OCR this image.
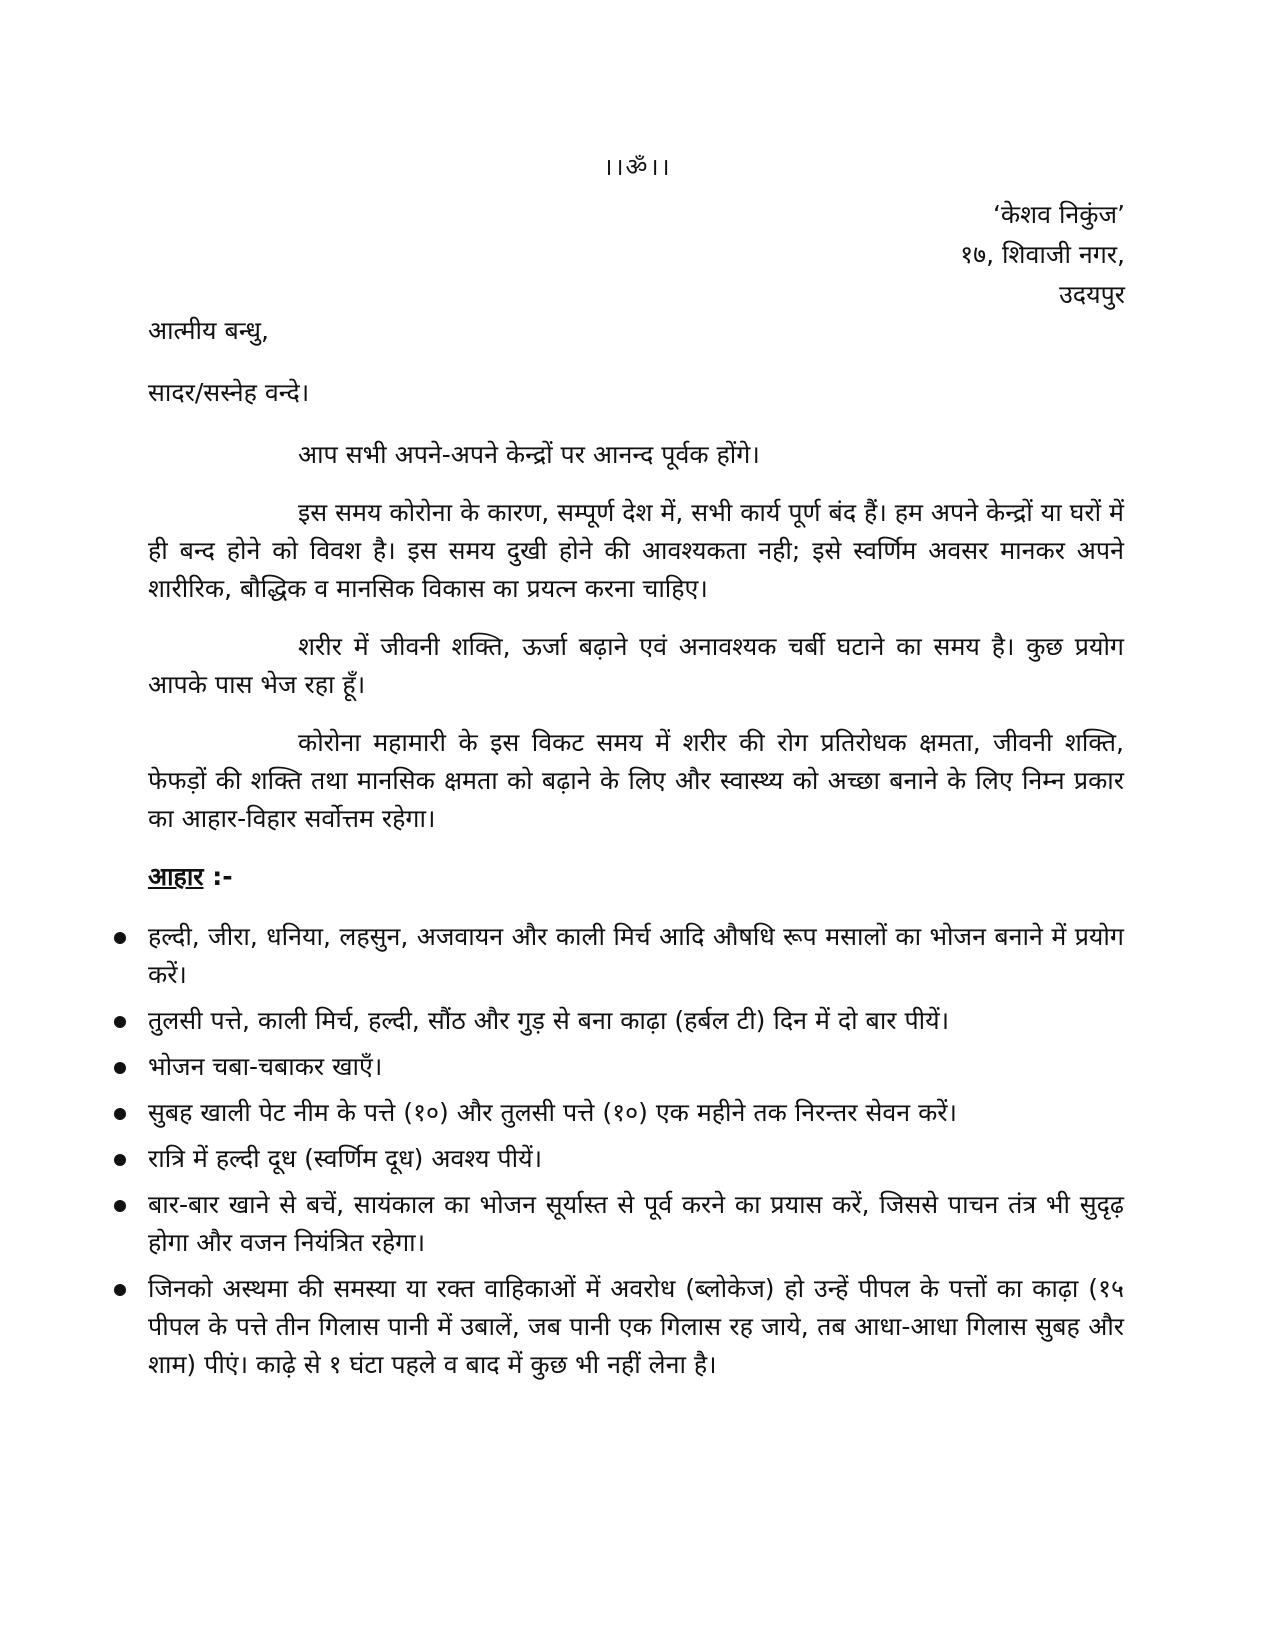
।।ॐ।।
‘केशव निकुंज’
१७, शिवाजी नगर,
उदयपुर

आत्मीय बन्धु,

सादर/सस्नेह वन्दे।

आप सभी अपने-अपने केन्द्रों पर आनन्द पूर्वक होंगे।

इस समय कोरोना के कारण, सम्पूर्ण देश में, सभी कार्य पूर्ण बंद हैं। हम अपने केन्द्रों या घरों में ही बन्द होने को विवश है। इस समय दुखी होने की आवश्यकता नही; इसे स्वर्णिम अवसर मानकर अपने शारीरिक, बौद्धिक व मानसिक विकास का प्रयत्न करना चाहिए।

शरीर में जीवनी शक्ति, ऊर्जा बढ़ाने एवं अनावश्यक चर्बी घटाने का समय है। कुछ प्रयोग आपके पास भेज रहा हूँ।

कोरोना महामारी के इस विकट समय में शरीर की रोग प्रतिरोधक क्षमता, जीवनी शक्ति, फेफड़ों की शक्ति तथा मानसिक क्षमता को बढ़ाने के लिए और स्वास्थ्य को अच्छा बनाने के लिए निम्न प्रकार का आहार-विहार सर्वोत्तम रहेगा।

आहार :-

हल्दी, जीरा, धनिया, लहसुन, अजवायन और काली मिर्च आदि औषधि रूप मसालों का भोजन बनाने में प्रयोग करें।
तुलसी पत्ते, काली मिर्च, हल्दी, सौंठ और गुड़ से बना काढ़ा (हर्बल टी) दिन में दो बार पीयें।
भोजन चबा-चबाकर खाएँ।
सुबह खाली पेट नीम के पत्ते (१०) और तुलसी पत्ते (१०) एक महीने तक निरन्तर सेवन करें।
रात्रि में हल्दी दूध (स्वर्णिम दूध) अवश्य पीयें।
बार-बार खाने से बचें, सायंकाल का भोजन सूर्यास्त से पूर्व करने का प्रयास करें, जिससे पाचन तंत्र भी सुदृढ़ होगा और वजन नियंत्रित रहेगा।
जिनको अस्थमा की समस्या या रक्त वाहिकाओं में अवरोध (ब्लोकेज) हो उन्हें पीपल के पत्तों का काढ़ा (१५ पीपल के पत्ते तीन गिलास पानी में उबालें, जब पानी एक गिलास रह जाये, तब आधा-आधा गिलास सुबह और शाम) पीएं। काढ़े से १ घंटा पहले व बाद में कुछ भी नहीं लेना है।
